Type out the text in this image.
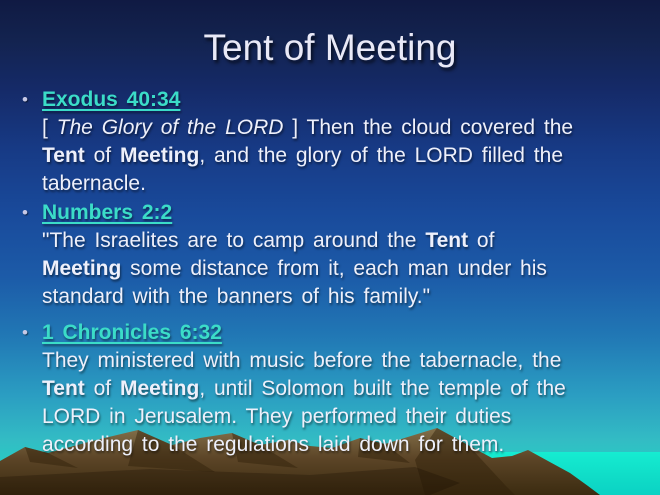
Tent of Meeting
• Exodus 40:34
[ The Glory of the LORD ] Then the cloud covered the
Tent of Meeting, and the glory of the LORD filled the
tabernacle.
• Numbers 2:2
"The Israelites are to camp around the Tent of
Meeting some distance from it, each man under his
standard with the banners of his family."
• 1 Chronicles 6:32
They ministered with music before the tabernacle, the
Tent of Meeting, until Solomon built the temple of the
LORD in Jerusalem. They performed their duties
according to the regulations laid down for them.
